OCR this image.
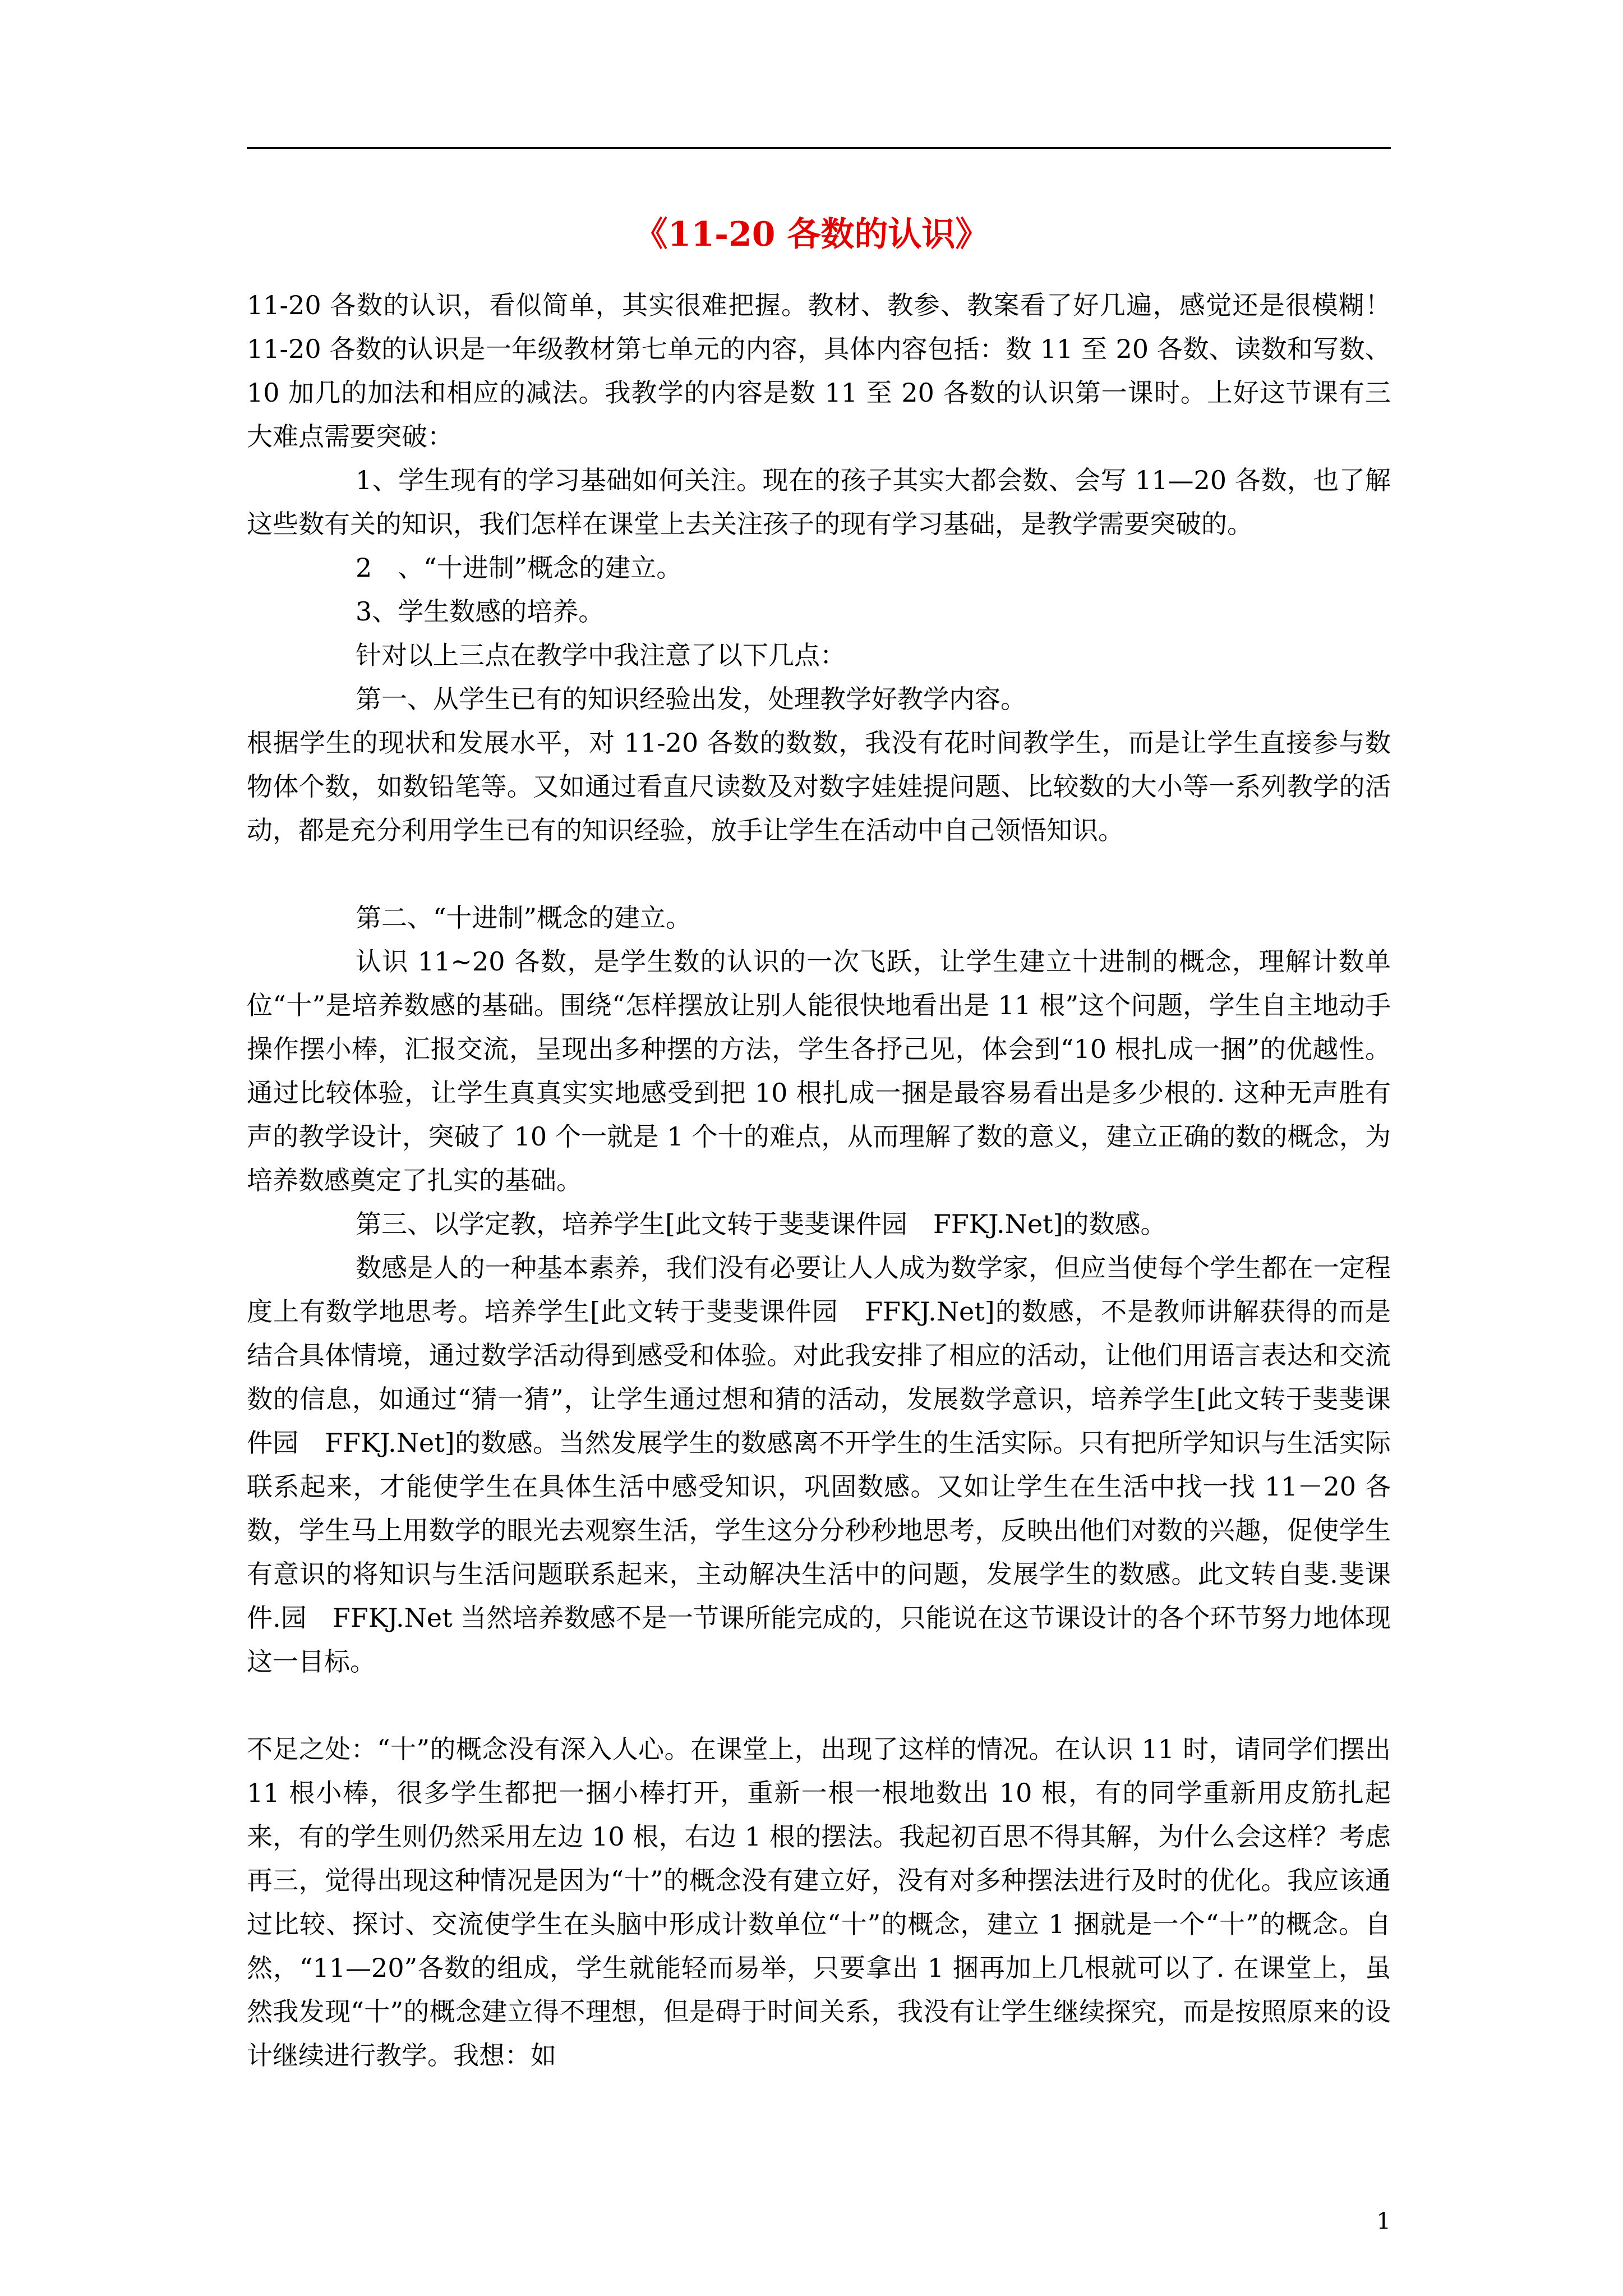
《11-20 各数的认识》

11-20 各数的认识，看似简单，其实很难把握。教材、教参、教案看了好几遍，感觉还是很模糊！　　　　11-20 各数的认识是一年级教材第七单元的内容，具体内容包括：数 11 至 20 各数、读数和写数、10 加几的加法和相应的减法。我教学的内容是数 11 至 20 各数的认识第一课时。上好这节课有三大难点需要突破：

1、学生现有的学习基础如何关注。现在的孩子其实大都会数、会写 11—20 各数，也了解这些数有关的知识，我们怎样在课堂上去关注孩子的现有学习基础，是教学需要突破的。

2　、“十进制”概念的建立。

3、学生数感的培养。

针对以上三点在教学中我注意了以下几点：

第一、从学生已有的知识经验出发，处理教学好教学内容。

根据学生的现状和发展水平，对 11-20 各数的数数，我没有花时间教学生，而是让学生直接参与数物体个数，如数铅笔等。又如通过看直尺读数及对数字娃娃提问题、比较数的大小等一系列教学的活动，都是充分利用学生已有的知识经验，放手让学生在活动中自己领悟知识。

第二、“十进制”概念的建立。

认识 11~20 各数，是学生数的认识的一次飞跃，让学生建立十进制的概念，理解计数单位“十”是培养数感的基础。围绕“怎样摆放让别人能很快地看出是 11 根”这个问题，学生自主地动手操作摆小棒，汇报交流，呈现出多种摆的方法，学生各抒己见，体会到“10 根扎成一捆”的优越性。通过比较体验，让学生真真实实地感受到把 10 根扎成一捆是最容易看出是多少根的. 这种无声胜有声的教学设计，突破了 10 个一就是 1 个十的难点，从而理解了数的意义，建立正确的数的概念，为培养数感奠定了扎实的基础。

第三、以学定教，培养学生[此文转于斐斐课件园　FFKJ.Net]的数感。

数感是人的一种基本素养，我们没有必要让人人成为数学家，但应当使每个学生都在一定程度上有数学地思考。培养学生[此文转于斐斐课件园　FFKJ.Net]的数感，不是教师讲解获得的而是结合具体情境，通过数学活动得到感受和体验。对此我安排了相应的活动，让他们用语言表达和交流数的信息，如通过“猜一猜”，让学生通过想和猜的活动，发展数学意识，培养学生[此文转于斐斐课件园　FFKJ.Net]的数感。当然发展学生的数感离不开学生的生活实际。只有把所学知识与生活实际联系起来，才能使学生在具体生活中感受知识，巩固数感。又如让学生在生活中找一找 11－20 各数，学生马上用数学的眼光去观察生活，学生这分分秒秒地思考，反映出他们对数的兴趣，促使学生有意识的将知识与生活问题联系起来，主动解决生活中的问题，发展学生的数感。此文转自斐.斐课件.园　FFKJ.Net 当然培养数感不是一节课所能完成的，只能说在这节课设计的各个环节努力地体现这一目标。

不足之处：“十”的概念没有深入人心。在课堂上，出现了这样的情况。在认识 11 时，请同学们摆出 11 根小棒，很多学生都把一捆小棒打开，重新一根一根地数出 10 根，有的同学重新用皮筋扎起来，有的学生则仍然采用左边 10 根，右边 1 根的摆法。我起初百思不得其解，为什么会这样？考虑再三，觉得出现这种情况是因为“十”的概念没有建立好，没有对多种摆法进行及时的优化。我应该通过比较、探讨、交流使学生在头脑中形成计数单位“十”的概念，建立 1 捆就是一个“十”的概念。自然，“11—20”各数的组成，学生就能轻而易举，只要拿出 1 捆再加上几根就可以了. 在课堂上，虽然我发现“十”的概念建立得不理想，但是碍于时间关系，我没有让学生继续探究，而是按照原来的设计继续进行教学。我想：如

1
